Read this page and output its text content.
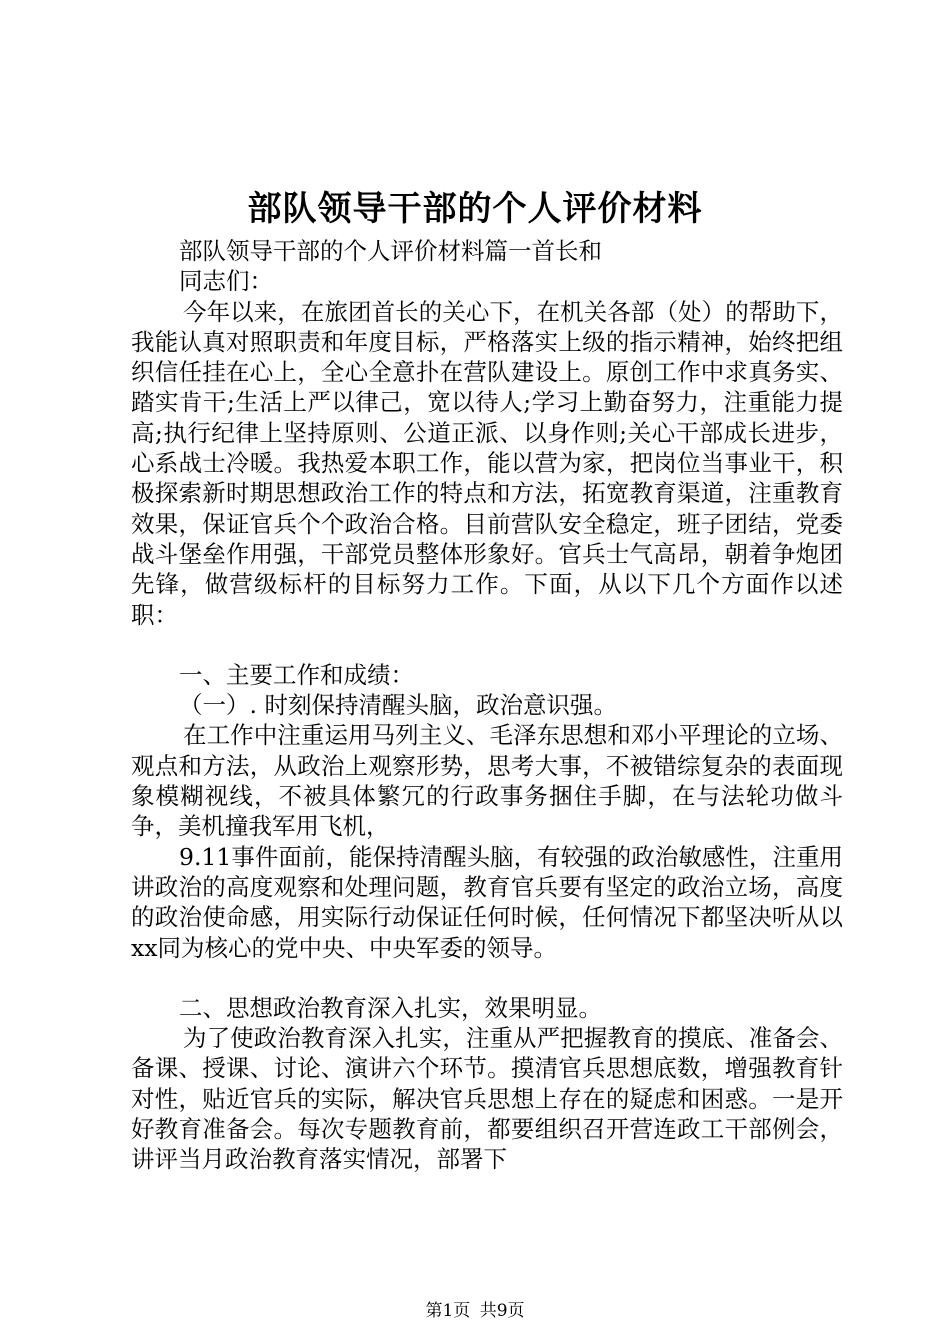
部队领导干部的个人评价材料

部队领导干部的个人评价材料篇一首长和

同志们：

今年以来，在旅团首长的关心下，在机关各部（处）的帮助下，我能认真对照职责和年度目标，严格落实上级的指示精神，始终把组织信任挂在心上，全心全意扑在营队建设上。原创工作中求真务实、踏实肯干;生活上严以律己，宽以待人;学习上勤奋努力，注重能力提高;执行纪律上坚持原则、公道正派、以身作则;关心干部成长进步，心系战士冷暖。我热爱本职工作，能以营为家，把岗位当事业干，积极探索新时期思想政治工作的特点和方法，拓宽教育渠道，注重教育效果，保证官兵个个政治合格。目前营队安全稳定，班子团结，党委战斗堡垒作用强，干部党员整体形象好。官兵士气高昂，朝着争炮团先锋，做营级标杆的目标努力工作。下面，从以下几个方面作以述职：

一、主要工作和成绩：

（一）. 时刻保持清醒头脑，政治意识强。

在工作中注重运用马列主义、毛泽东思想和邓小平理论的立场、观点和方法，从政治上观察形势，思考大事，不被错综复杂的表面现象模糊视线，不被具体繁冗的行政事务捆住手脚，在与法轮功做斗争，美机撞我军用飞机，

9.11事件面前，能保持清醒头脑，有较强的政治敏感性，注重用讲政治的高度观察和处理问题，教育官兵要有坚定的政治立场，高度的政治使命感，用实际行动保证任何时候，任何情况下都坚决听从以xx同为核心的党中央、中央军委的领导。

二、思想政治教育深入扎实，效果明显。

为了使政治教育深入扎实，注重从严把握教育的摸底、准备会、备课、授课、讨论、演讲六个环节。摸清官兵思想底数，增强教育针对性，贴近官兵的实际，解决官兵思想上存在的疑虑和困惑。一是开好教育准备会。每次专题教育前，都要组织召开营连政工干部例会，讲评当月政治教育落实情况，部署下

第1页 共9页
